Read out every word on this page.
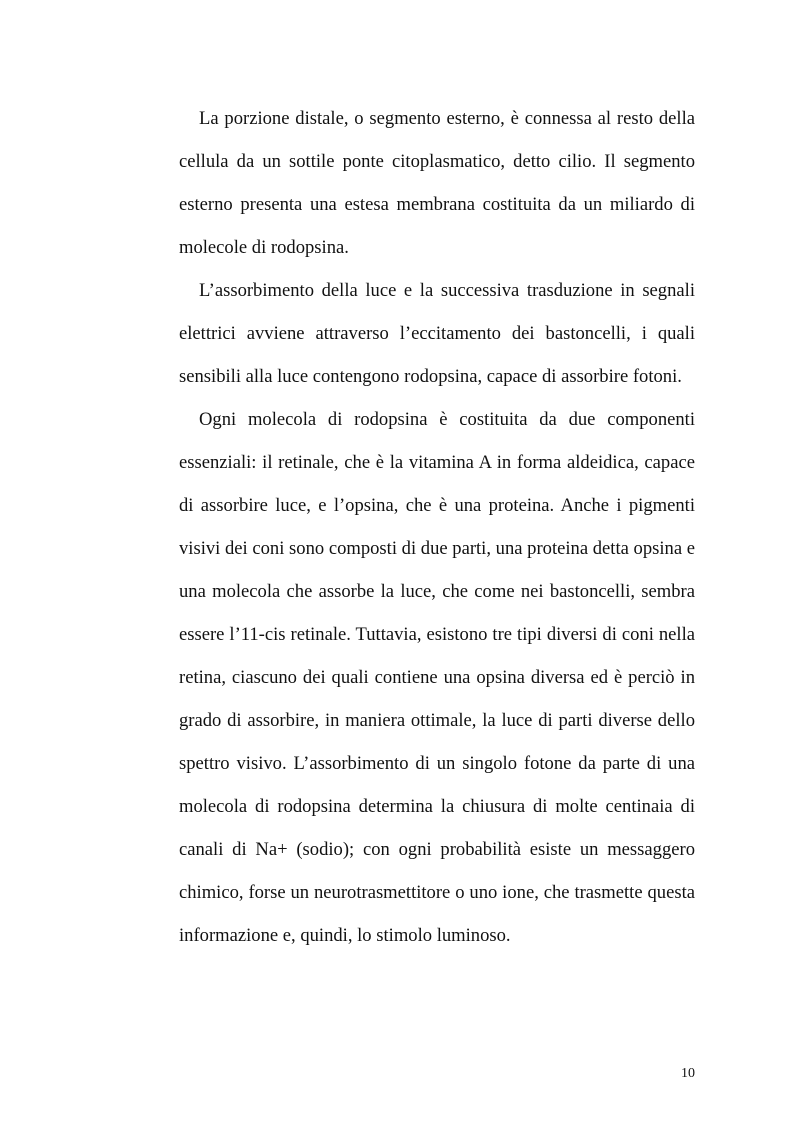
La porzione distale, o segmento esterno, è connessa al resto della cellula da un sottile ponte citoplasmatico, detto cilio. Il segmento esterno presenta una estesa membrana costituita da un miliardo di molecole di rodopsina.

L’assorbimento della luce e la successiva trasduzione in segnali elettrici avviene attraverso l’eccitamento dei bastoncelli, i quali sensibili alla luce contengono rodopsina, capace di assorbire fotoni.

Ogni molecola di rodopsina è costituita da due componenti essenziali: il retinale, che è la vitamina A in forma aldeidica, capace di assorbire luce, e l’opsina, che è una proteina. Anche i pigmenti visivi dei coni sono composti di due parti, una proteina detta opsina e una molecola che assorbe la luce, che come nei bastoncelli, sembra essere l’11-cis retinale. Tuttavia, esistono tre tipi diversi di coni nella retina, ciascuno dei quali contiene una opsina diversa ed è perciò in grado di assorbire, in maniera ottimale, la luce di parti diverse dello spettro visivo. L’assorbimento di un singolo fotone da parte di una molecola di rodopsina determina la chiusura di molte centinaia di canali di Na+ (sodio); con ogni probabilità esiste un messaggero chimico, forse un neurotrasmettitore o uno ione, che trasmette questa informazione e, quindi, lo stimolo luminoso.

10
